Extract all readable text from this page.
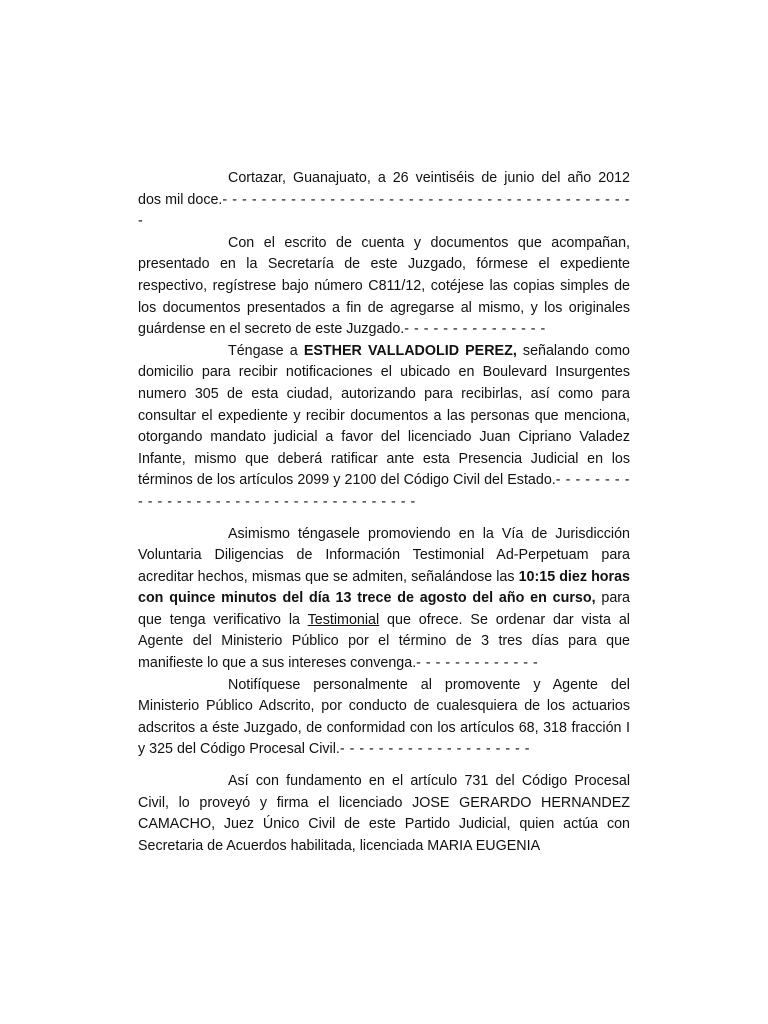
Cortazar, Guanajuato, a 26 veintiséis de junio del año 2012 dos mil doce.- - - - - - - - - - - - - - - - - - - - - - - - - - - - - - - - - - - - - - - - - - -

Con el escrito de cuenta y documentos que acompañan, presentado en la Secretaría de este Juzgado, fórmese el expediente respectivo, regístrese bajo número C811/12, cotéjese las copias simples de los documentos presentados a fin de agregarse al mismo, y los originales guárdense en el secreto de este Juzgado.- - - - - - - - - - - - - - -

Téngase a ESTHER VALLADOLID PEREZ, señalando como domicilio para recibir notificaciones el ubicado en Boulevard Insurgentes numero 305 de esta ciudad, autorizando para recibirlas, así como para consultar el expediente y recibir documentos a las personas que menciona, otorgando mandato judicial a favor del licenciado Juan Cipriano Valadez Infante, mismo que deberá ratificar ante esta Presencia Judicial en los términos de los artículos 2099 y 2100 del Código Civil del Estado.- - - - - - - - - - - - - - - - - - - - - - - - - - - - - - - - - - - - -

Asimismo téngasele promoviendo en la Vía de Jurisdicción Voluntaria Diligencias de Información Testimonial Ad-Perpetuam para acreditar hechos, mismas que se admiten, señalándose las 10:15 diez horas con quince minutos del día 13 trece de agosto del año en curso, para que tenga verificativo la Testimonial que ofrece. Se ordenar dar vista al Agente del Ministerio Público por el término de 3 tres días para que manifieste lo que a sus intereses convenga.- - - - - - - - - - - - -

Notifíquese personalmente al promovente y Agente del Ministerio Público Adscrito, por conducto de cualesquiera de los actuarios adscritos a éste Juzgado, de conformidad con los artículos 68, 318 fracción I y 325 del Código Procesal Civil.- - - - - - - - - - - - - - - - - - - -

Así con fundamento en el artículo 731 del Código Procesal Civil, lo proveyó y firma el licenciado JOSE GERARDO HERNANDEZ CAMACHO, Juez Único Civil de este Partido Judicial, quien actúa con Secretaria de Acuerdos habilitada, licenciada MARIA EUGENIA
